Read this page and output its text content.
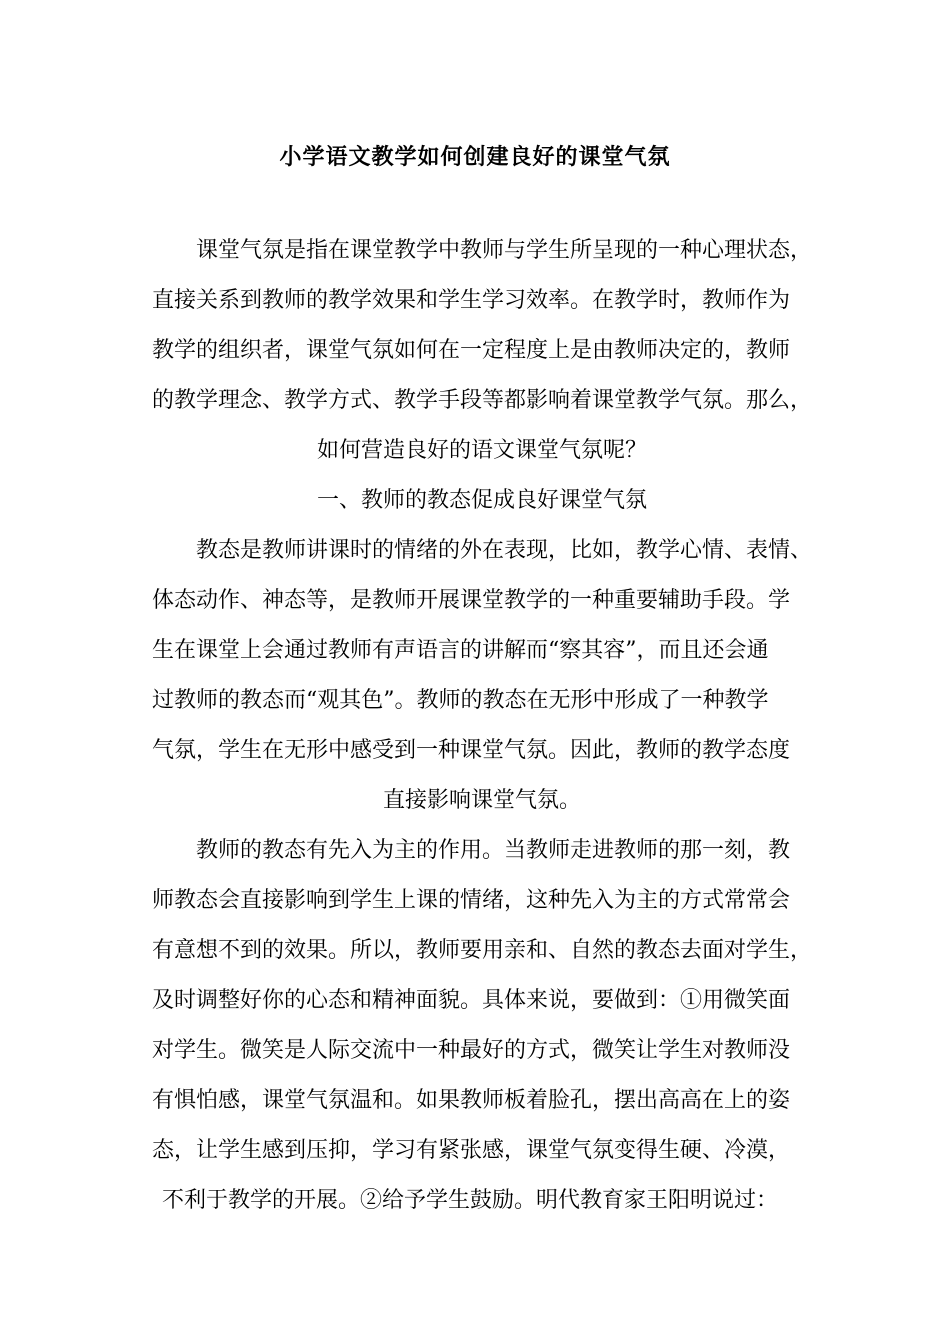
小学语文教学如何创建良好的课堂气氛
课堂气氛是指在课堂教学中教师与学生所呈现的一种心理状态，
直接关系到教师的教学效果和学生学习效率。在教学时，教师作为
教学的组织者，课堂气氛如何在一定程度上是由教师决定的，教师
的教学理念、教学方式、教学手段等都影响着课堂教学气氛。那么，
如何营造良好的语文课堂气氛呢？
一、教师的教态促成良好课堂气氛
教态是教师讲课时的情绪的外在表现，比如，教学心情、表情、
体态动作、神态等，是教师开展课堂教学的一种重要辅助手段。学
生在课堂上会通过教师有声语言的讲解而“察其容”，而且还会通
过教师的教态而“观其色”。教师的教态在无形中形成了一种教学
气氛，学生在无形中感受到一种课堂气氛。因此，教师的教学态度
直接影响课堂气氛。
教师的教态有先入为主的作用。当教师走进教师的那一刻，教
师教态会直接影响到学生上课的情绪，这种先入为主的方式常常会
有意想不到的效果。所以，教师要用亲和、自然的教态去面对学生，
及时调整好你的心态和精神面貌。具体来说，要做到：①用微笑面
对学生。微笑是人际交流中一种最好的方式，微笑让学生对教师没
有惧怕感，课堂气氛温和。如果教师板着脸孔，摆出高高在上的姿
态，让学生感到压抑，学习有紧张感，课堂气氛变得生硬、冷漠，
不利于教学的开展。②给予学生鼓励。明代教育家王阳明说过：
